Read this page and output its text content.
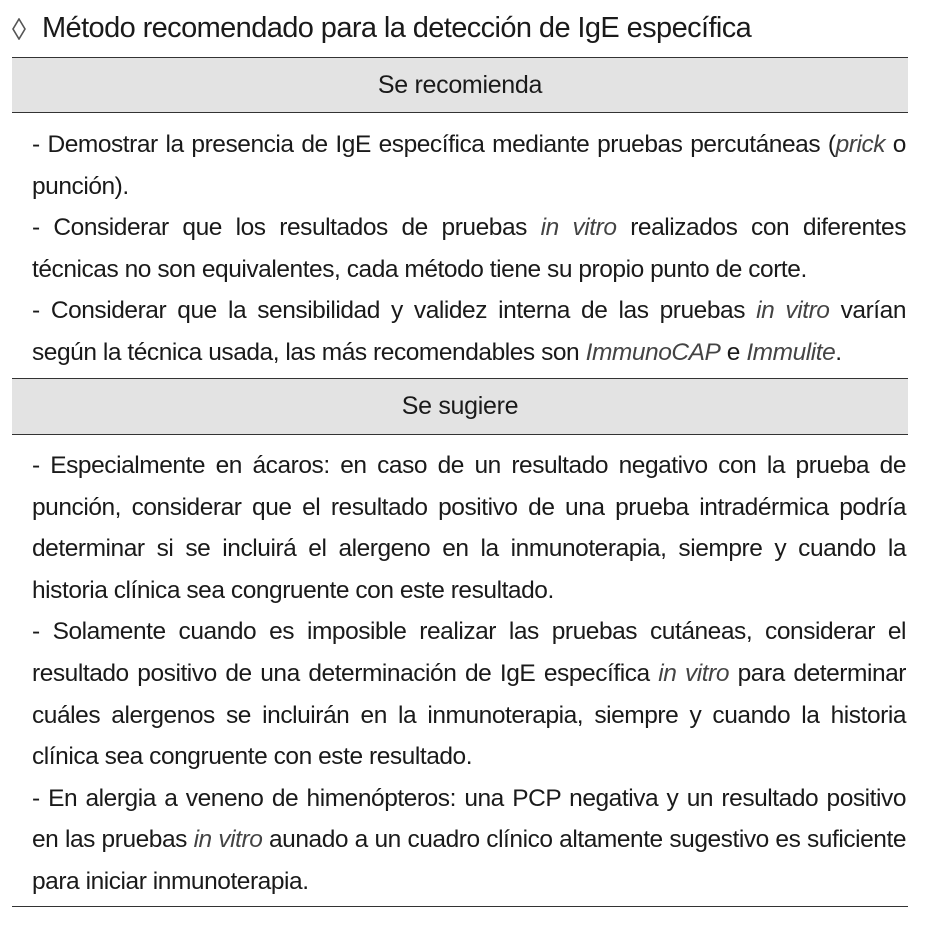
Método recomendado para la detección de IgE específica
Se recomienda

- Demostrar la presencia de IgE específica mediante pruebas percutáneas (prick o punción).

- Considerar que los resultados de pruebas in vitro realizados con diferentes técnicas no son equivalentes, cada método tiene su propio punto de corte.

- Considerar que la sensibilidad y validez interna de las pruebas in vitro varían según la técnica usada, las más recomendables son ImmunoCAP e Immulite.

Se sugiere

- Especialmente en ácaros: en caso de un resultado negativo con la prueba de punción, considerar que el resultado positivo de una prueba intradérmica podría determinar si se incluirá el alergeno en la inmunoterapia, siempre y cuando la historia clínica sea congruente con este resultado.

- Solamente cuando es imposible realizar las pruebas cutáneas, considerar el resultado positivo de una determinación de IgE específica in vitro para determinar cuáles alergenos se incluirán en la inmunoterapia, siempre y cuando la historia clínica sea congruente con este resultado.

- En alergia a veneno de himenópteros: una PCP negativa y un resultado positivo en las pruebas in vitro aunado a un cuadro clínico altamente sugestivo es suficiente para iniciar inmunoterapia.
